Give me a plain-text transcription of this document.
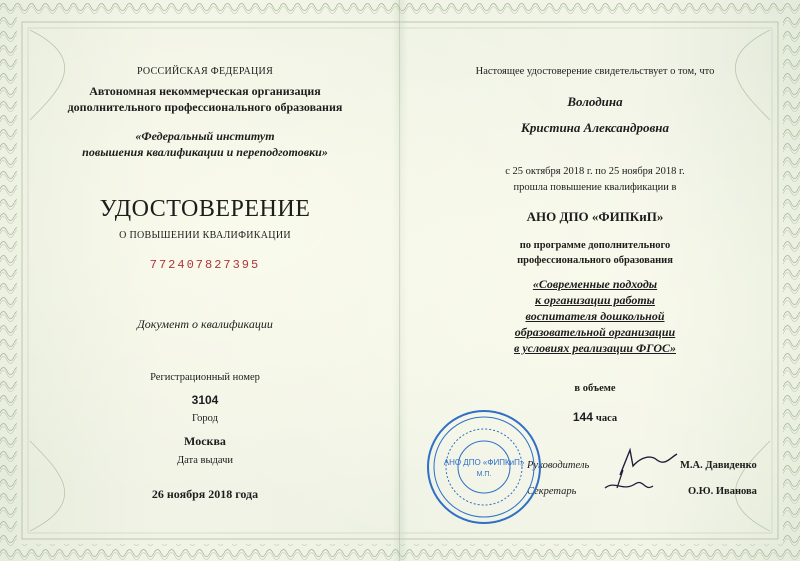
РОССИЙСКАЯ ФЕДЕРАЦИЯ
Автономная некоммерческая организация
дополнительного профессионального образования
«Федеральный институт
повышения квалификации и переподготовки»
УДОСТОВЕРЕНИЕ
О ПОВЫШЕНИИ КВАЛИФИКАЦИИ
772407827395
Документ о квалификации
Регистрационный номер
3104
Город
Москва
Дата выдачи
26 ноября 2018 года
Настоящее удостоверение свидетельствует о том, что
Володина
Кристина Александровна
с 25 октября 2018 г. по 25 ноября 2018 г.
прошла повышение квалификации в
АНО ДПО «ФИПКиП»
по программе дополнительного
профессионального образования
«Современные подходы
к организации работы
воспитателя дошкольной
образовательной организации
в условиях реализации ФГОС»
в объеме
144 часа
Руководитель	М.А. Давиденко
Секретарь	О.Ю. Иванова
АНО ДПО «ФИПКиП»
М.П.
